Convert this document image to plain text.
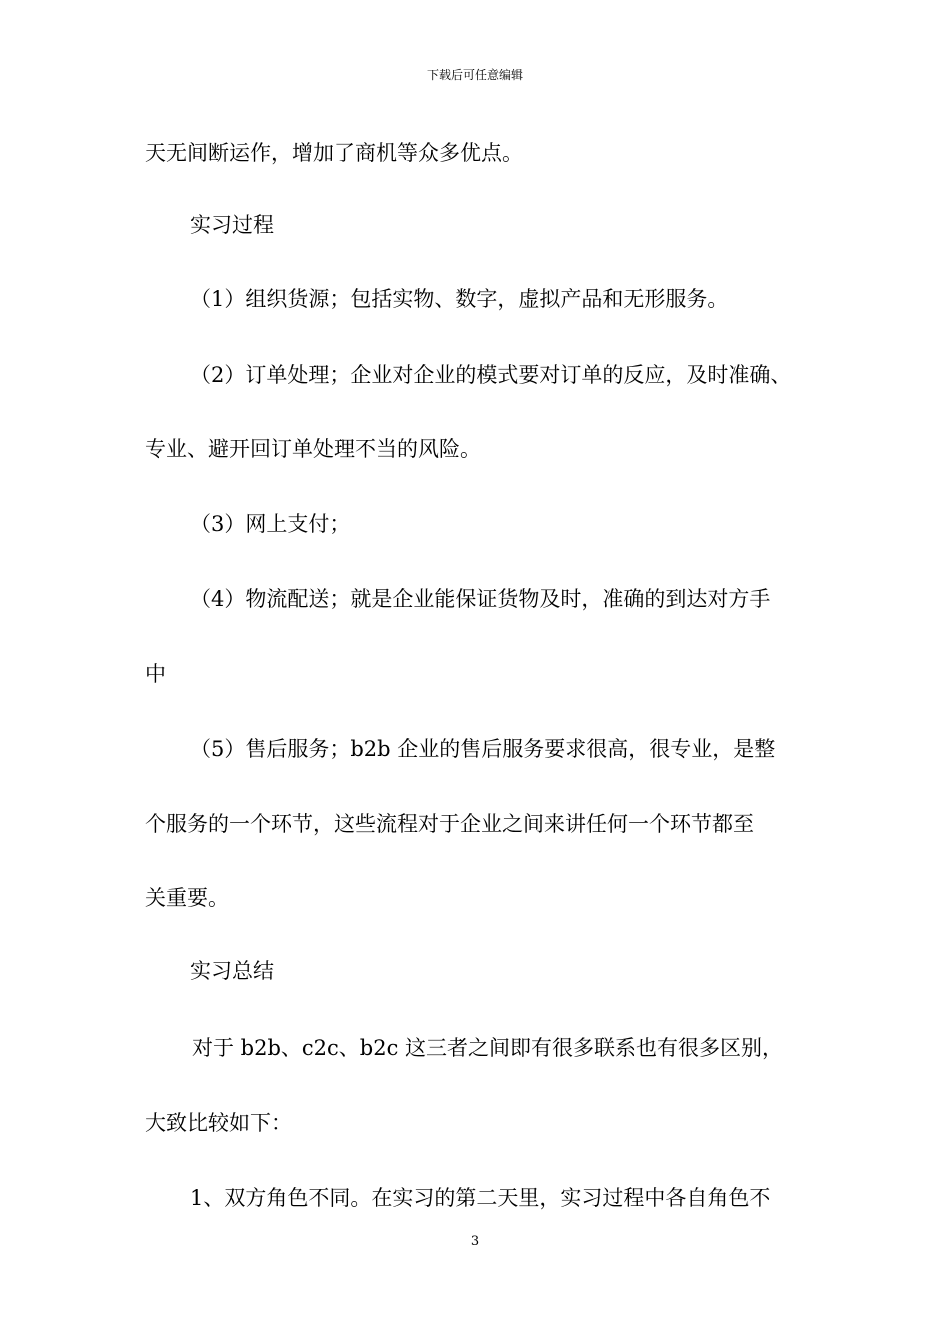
下载后可任意编辑
天无间断运作，增加了商机等众多优点。
实习过程
（1）组织货源；包括实物、数字，虚拟产品和无形服务。
（2）订单处理；企业对企业的模式要对订单的反应，及时准确、
专业、避开回订单处理不当的风险。
（3）网上支付；
（4）物流配送；就是企业能保证货物及时，准确的到达对方手
中
（5）售后服务；b2b 企业的售后服务要求很高，很专业，是整
个服务的一个环节，这些流程对于企业之间来讲任何一个环节都至
关重要。
实习总结
对于 b2b、c2c、b2c 这三者之间即有很多联系也有很多区别，
大致比较如下：
1、双方角色不同。在实习的第二天里，实习过程中各自角色不
3
